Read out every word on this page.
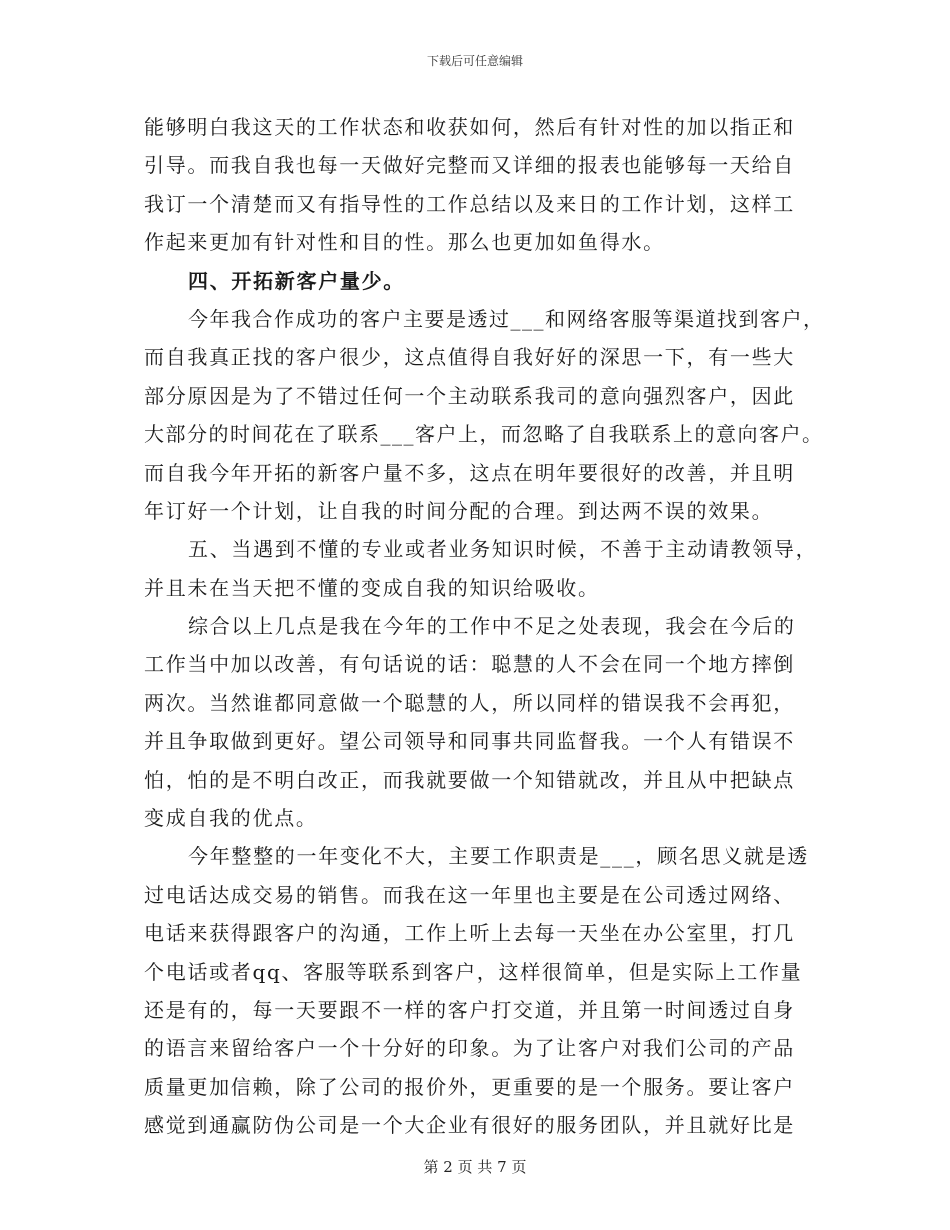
下载后可任意编辑
能够明白我这天的工作状态和收获如何，然后有针对性的加以指正和
引导。而我自我也每一天做好完整而又详细的报表也能够每一天给自
我订一个清楚而又有指导性的工作总结以及来日的工作计划，这样工
作起来更加有针对性和目的性。那么也更加如鱼得水。
四、开拓新客户量少。
今年我合作成功的客户主要是透过___和网络客服等渠道找到客户，
而自我真正找的客户很少，这点值得自我好好的深思一下，有一些大
部分原因是为了不错过任何一个主动联系我司的意向强烈客户，因此
大部分的时间花在了联系___客户上，而忽略了自我联系上的意向客户。
而自我今年开拓的新客户量不多，这点在明年要很好的改善，并且明
年订好一个计划，让自我的时间分配的合理。到达两不误的效果。
五、当遇到不懂的专业或者业务知识时候，不善于主动请教领导，
并且未在当天把不懂的变成自我的知识给吸收。
综合以上几点是我在今年的工作中不足之处表现，我会在今后的
工作当中加以改善，有句话说的话：聪慧的人不会在同一个地方摔倒
两次。当然谁都同意做一个聪慧的人，所以同样的错误我不会再犯，
并且争取做到更好。望公司领导和同事共同监督我。一个人有错误不
怕，怕的是不明白改正，而我就要做一个知错就改，并且从中把缺点
变成自我的优点。
今年整整的一年变化不大，主要工作职责是___，顾名思义就是透
过电话达成交易的销售。而我在这一年里也主要是在公司透过网络、
电话来获得跟客户的沟通，工作上听上去每一天坐在办公室里，打几
个电话或者qq、客服等联系到客户，这样很简单，但是实际上工作量
还是有的，每一天要跟不一样的客户打交道，并且第一时间透过自身
的语言来留给客户一个十分好的印象。为了让客户对我们公司的产品
质量更加信赖，除了公司的报价外，更重要的是一个服务。要让客户
感觉到通赢防伪公司是一个大企业有很好的服务团队，并且就好比是
第 2 页 共 7 页
